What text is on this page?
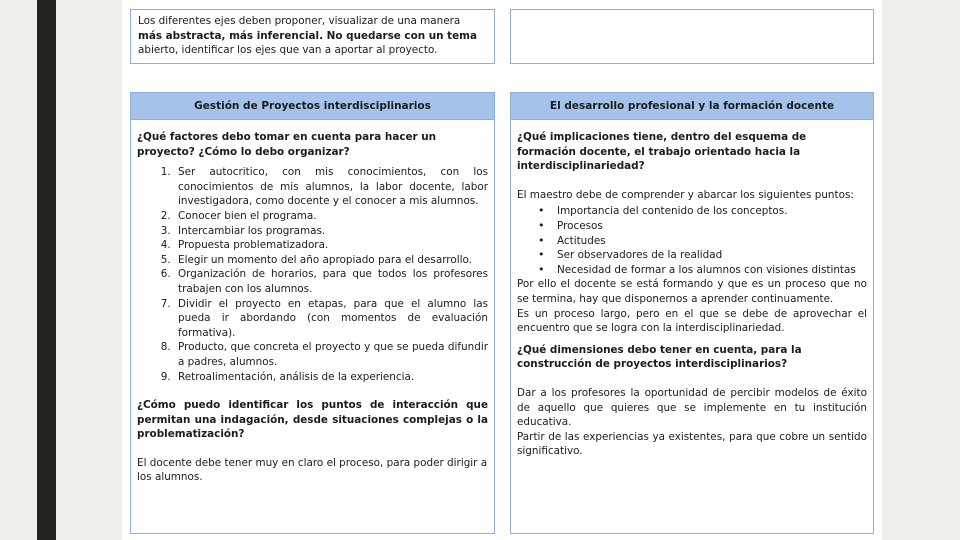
Los diferentes ejes deben proponer, visualizar de una manera
más abstracta, más inferencial. No quedarse con un tema
abierto, identificar los ejes que van a aportar al proyecto.
Gestión de Proyectos interdisciplinarios

¿Qué factores debo tomar en cuenta para hacer un proyecto? ¿Cómo lo debo organizar?

1. Ser autocritico, con mis conocimientos, con los conocimientos de mis alumnos, la labor docente, labor investigadora, como docente y el conocer a mis alumnos.
2. Conocer bien el programa.
3. Intercambiar los programas.
4. Propuesta problematizadora.
5. Elegir un momento del año apropiado para el desarrollo.
6. Organización de horarios, para que todos los profesores trabajen con los alumnos.
7. Dividir el proyecto en etapas, para que el alumno las pueda ir abordando (con momentos de evaluación formativa).
8. Producto, que concreta el proyecto y que se pueda difundir a padres, alumnos.
9. Retroalimentación, análisis de la experiencia.

¿Cómo puedo identificar los puntos de interacción que permitan una indagación, desde situaciones complejas o la problematización?

El docente debe tener muy en claro el proceso, para poder dirigir a los alumnos.

El desarrollo profesional y la formación docente

¿Qué implicaciones tiene, dentro del esquema de formación docente, el trabajo orientado hacia la interdisciplinariedad?

El maestro debe de comprender y abarcar los siguientes puntos:

• Importancia del contenido de los conceptos.
• Procesos
• Actitudes
• Ser observadores de la realidad
• Necesidad de formar a los alumnos con visiones distintas

Por ello el docente se está formando y que es un proceso que no se termina, hay que disponernos a aprender continuamente.

Es un proceso largo, pero en el que se debe de aprovechar el encuentro que se logra con la interdisciplinariedad.

¿Qué dimensiones debo tener en cuenta, para la construcción de proyectos interdisciplinarios?

Dar a los profesores la oportunidad de percibir modelos de éxito de aquello que quieres que se implemente en tu institución educativa.

Partir de las experiencias ya existentes, para que cobre un sentido significativo.
